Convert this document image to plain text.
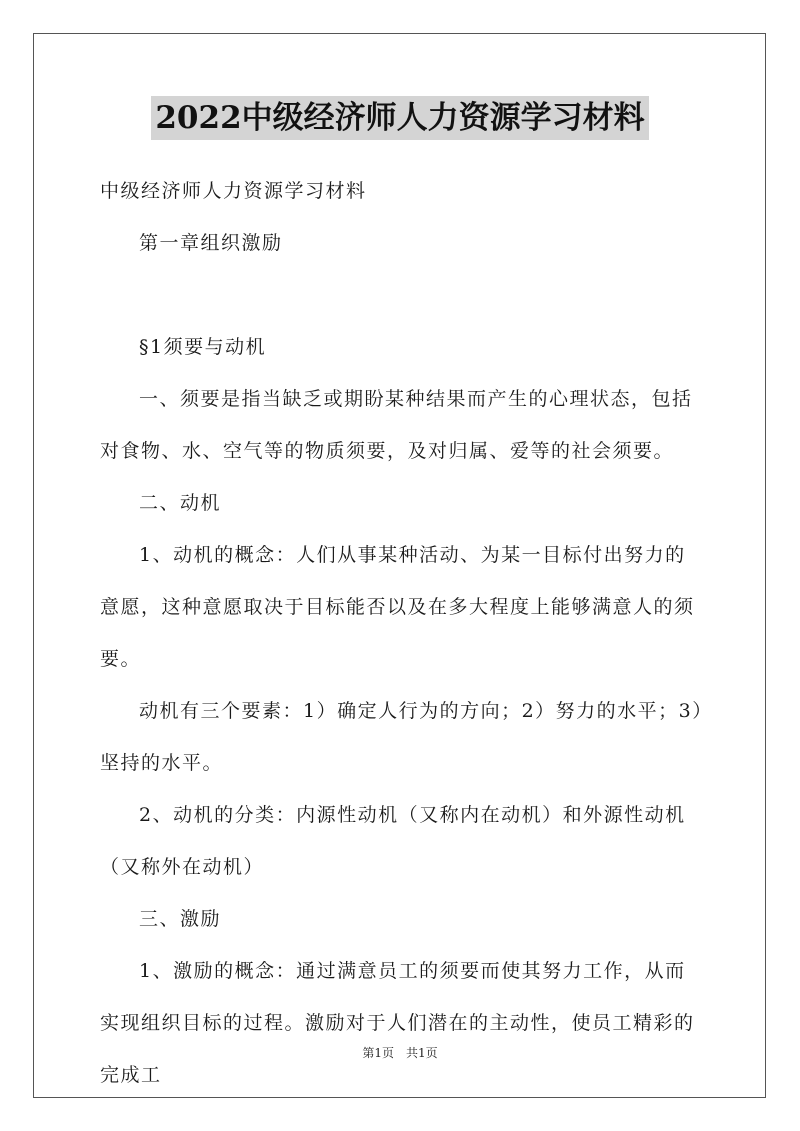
2022中级经济师人力资源学习材料

中级经济师人力资源学习材料

第一章组织激励

§1须要与动机

一、须要是指当缺乏或期盼某种结果而产生的心理状态，包括对食物、水、空气等的物质须要，及对归属、爱等的社会须要。

二、动机

1、动机的概念：人们从事某种活动、为某一目标付出努力的意愿，这种意愿取决于目标能否以及在多大程度上能够满意人的须要。

动机有三个要素：1）确定人行为的方向；2）努力的水平；3）坚持的水平。

2、动机的分类：内源性动机（又称内在动机）和外源性动机（又称外在动机）

三、激励

1、激励的概念：通过满意员工的须要而使其努力工作，从而实现组织目标的过程。激励对于人们潜在的主动性，使员工精彩的完成工

第1页 共1页
